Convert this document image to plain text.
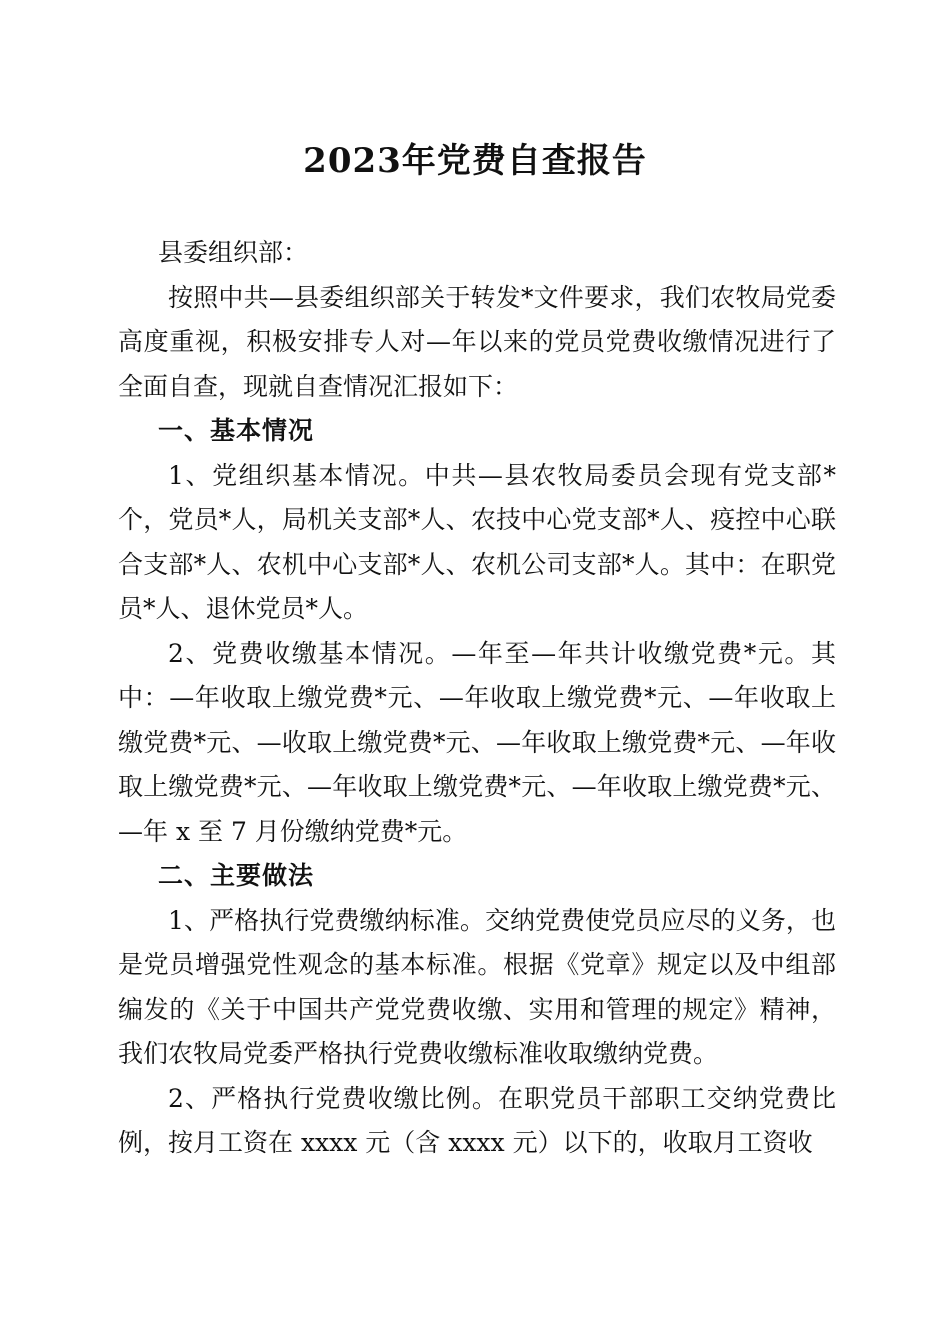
2023年党费自查报告

县委组织部：

按照中共—县委组织部关于转发*文件要求，我们农牧局党委高度重视，积极安排专人对—年以来的党员党费收缴情况进行了全面自查，现就自查情况汇报如下：

一、基本情况

1、党组织基本情况。中共—县农牧局委员会现有党支部*个，党员*人，局机关支部*人、农技中心党支部*人、疫控中心联合支部*人、农机中心支部*人、农机公司支部*人。其中：在职党员*人、退休党员*人。

2、党费收缴基本情况。—年至—年共计收缴党费*元。其中：—年收取上缴党费*元、—年收取上缴党费*元、—年收取上缴党费*元、—收取上缴党费*元、—年收取上缴党费*元、—年收取上缴党费*元、—年收取上缴党费*元、—年收取上缴党费*元、—年 x 至 7 月份缴纳党费*元。

二、主要做法

1、严格执行党费缴纳标准。交纳党费使党员应尽的义务，也是党员增强党性观念的基本标准。根据《党章》规定以及中组部编发的《关于中国共产党党费收缴、实用和管理的规定》精神，我们农牧局党委严格执行党费收缴标准收取缴纳党费。

2、严格执行党费收缴比例。在职党员干部职工交纳党费比例，按月工资在 xxxx 元（含 xxxx 元）以下的，收取月工资收
